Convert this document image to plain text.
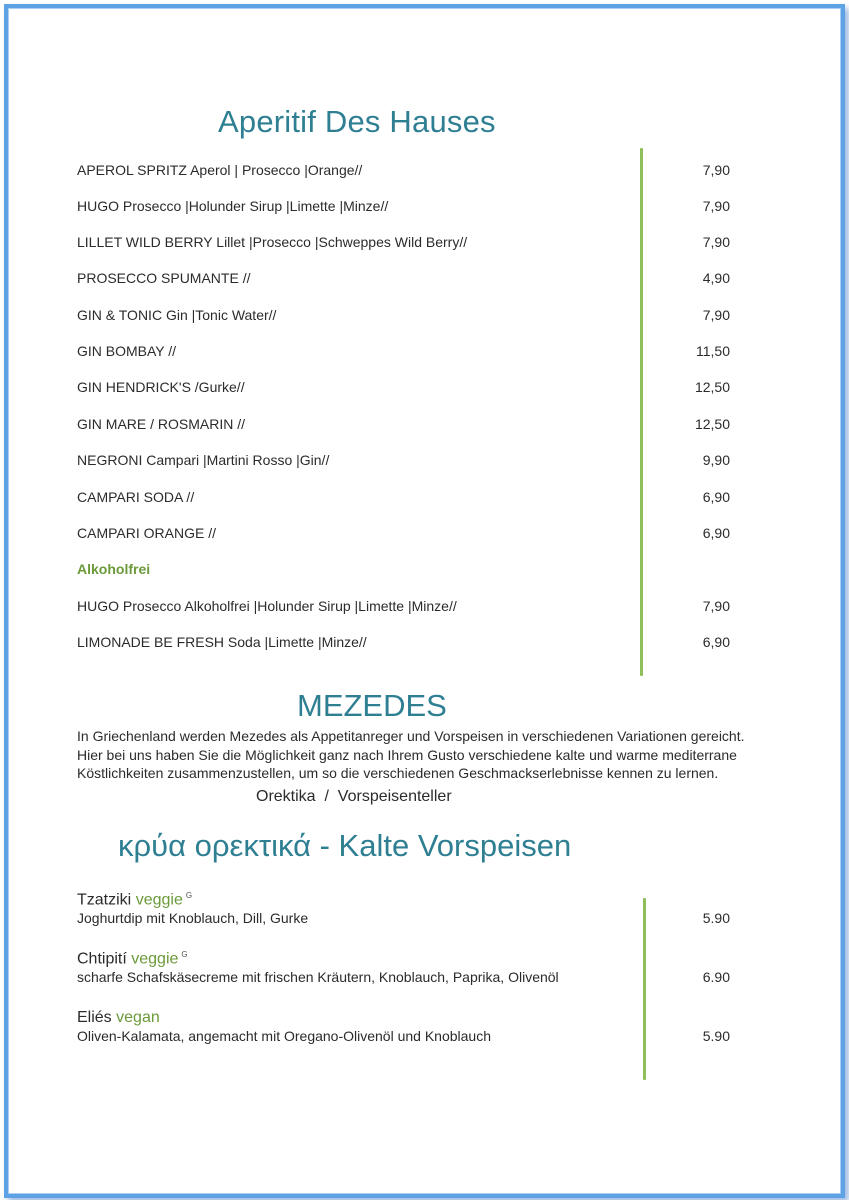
Aperitif Des Hauses
APEROL SPRITZ Aperol | Prosecco |Orange//	7,90
HUGO Prosecco |Holunder Sirup |Limette |Minze//	7,90
LILLET WILD BERRY Lillet |Prosecco |Schweppes Wild Berry//	7,90
PROSECCO SPUMANTE //	4,90
GIN & TONIC Gin |Tonic Water//	7,90
GIN BOMBAY //	11,50
GIN HENDRICK'S /Gurke//	12,50
GIN MARE / ROSMARIN //	12,50
NEGRONI Campari |Martini Rosso |Gin//	9,90
CAMPARI SODA //	6,90
CAMPARI ORANGE //	6,90
Alkoholfrei
HUGO Prosecco Alkoholfrei |Holunder Sirup |Limette |Minze//	7,90
LIMONADE BE FRESH Soda |Limette |Minze//	6,90
MEZEDES

In Griechenland werden Mezedes als Appetitanreger und Vorspeisen in verschiedenen Variationen gereicht.

Hier bei uns haben Sie die Möglichkeit ganz nach Ihrem Gusto verschiedene kalte und warme mediterrane

Köstlichkeiten zusammenzustellen, um so die verschiedenen Geschmackserlebnisse kennen zu lernen.

Orektika  /  Vorspeisenteller
κρύα ορεκτικά - Kalte Vorspeisen
Tzatziki veggie $^G$
Joghurtdip mit Knoblauch, Dill, Gurke	5.90
Chtipití veggie $^G$
scharfe Schafskäsecreme mit frischen Kräutern, Knoblauch, Paprika, Olivenöl	6.90
Eliés vegan
Oliven-Kalamata, angemacht mit Oregano-Olivenöl und Knoblauch	5.90
